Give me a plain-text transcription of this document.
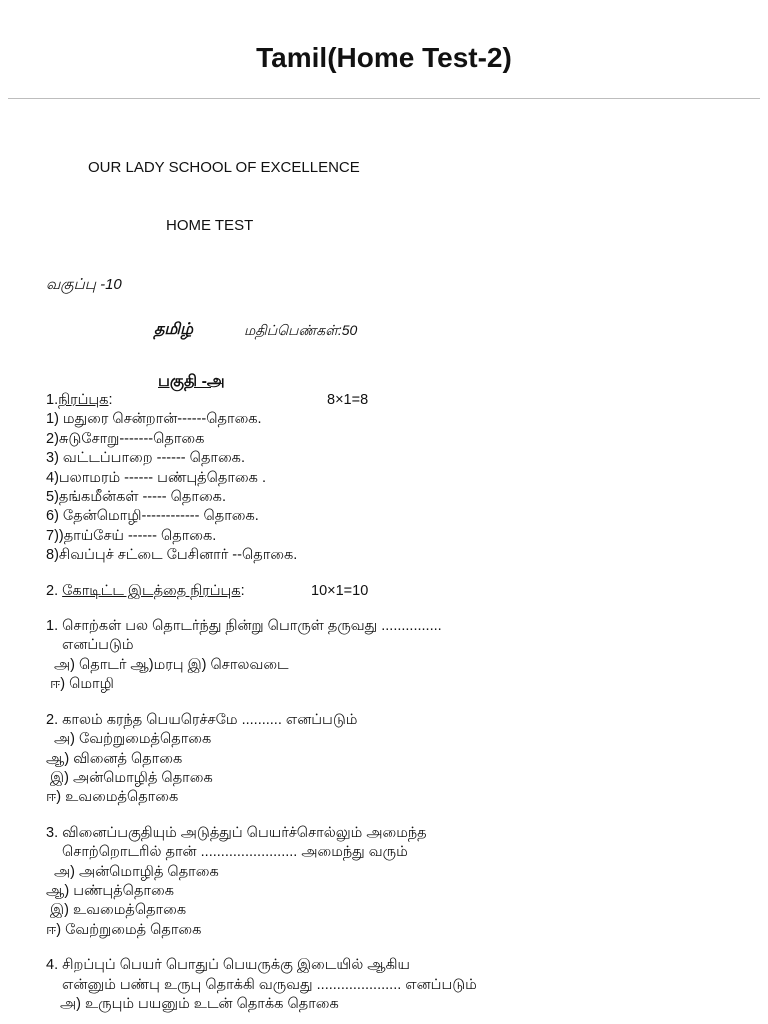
Tamil(Home Test-2)
OUR LADY SCHOOL OF EXCELLENCE
HOME TEST
வகுப்பு -10
தமிழ்	மதிப்பெண்கள்:50
பகுதி -அ
1.நிரப்புக:	8×1=8
1) மதுரை சென்றான்------தொகை.
2)சுடுசோறு-------தொகை
3) வட்டப்பாறை ------ தொகை.
4)பலாமரம் ------ பண்புத்தொகை .
5)தங்கமீன்கள் ----- தொகை.
6) தேன்மொழி------------ தொகை.
7))தாய்சேய் ------ தொகை.
8)சிவப்புச் சட்டை பேசினார் --தொகை.
2. கோடிட்ட இடத்தை நிரப்புக:	10×1=10
1. சொற்கள் பல தொடர்ந்து நின்று பொருள் தருவது ...............
எனப்படும்
அ) தொடர் ஆ)மரபு இ) சொலவடை
ஈ) மொழி
2. காலம் கரந்த பெயரெச்சமே .......... எனப்படும்
அ) வேற்றுமைத்தொகை
ஆ) வினைத் தொகை
இ) அன்மொழித் தொகை
ஈ) உவமைத்தொகை
3. வினைப்பகுதியும் அடுத்துப் பெயர்ச்சொல்லும் அமைந்த
சொற்றொடரில் தான் ........................ அமைந்து வரும்
அ) அன்மொழித் தொகை
ஆ) பண்புத்தொகை
இ) உவமைத்தொகை
ஈ) வேற்றுமைத் தொகை
4. சிறப்புப் பெயர் பொதுப் பெயருக்கு இடையில் ஆகிய
என்னும் பண்பு உருபு தொக்கி வருவது ..................... எனப்படும்
அ) உருபும் பயனும் உடன் தொக்க தொகை
